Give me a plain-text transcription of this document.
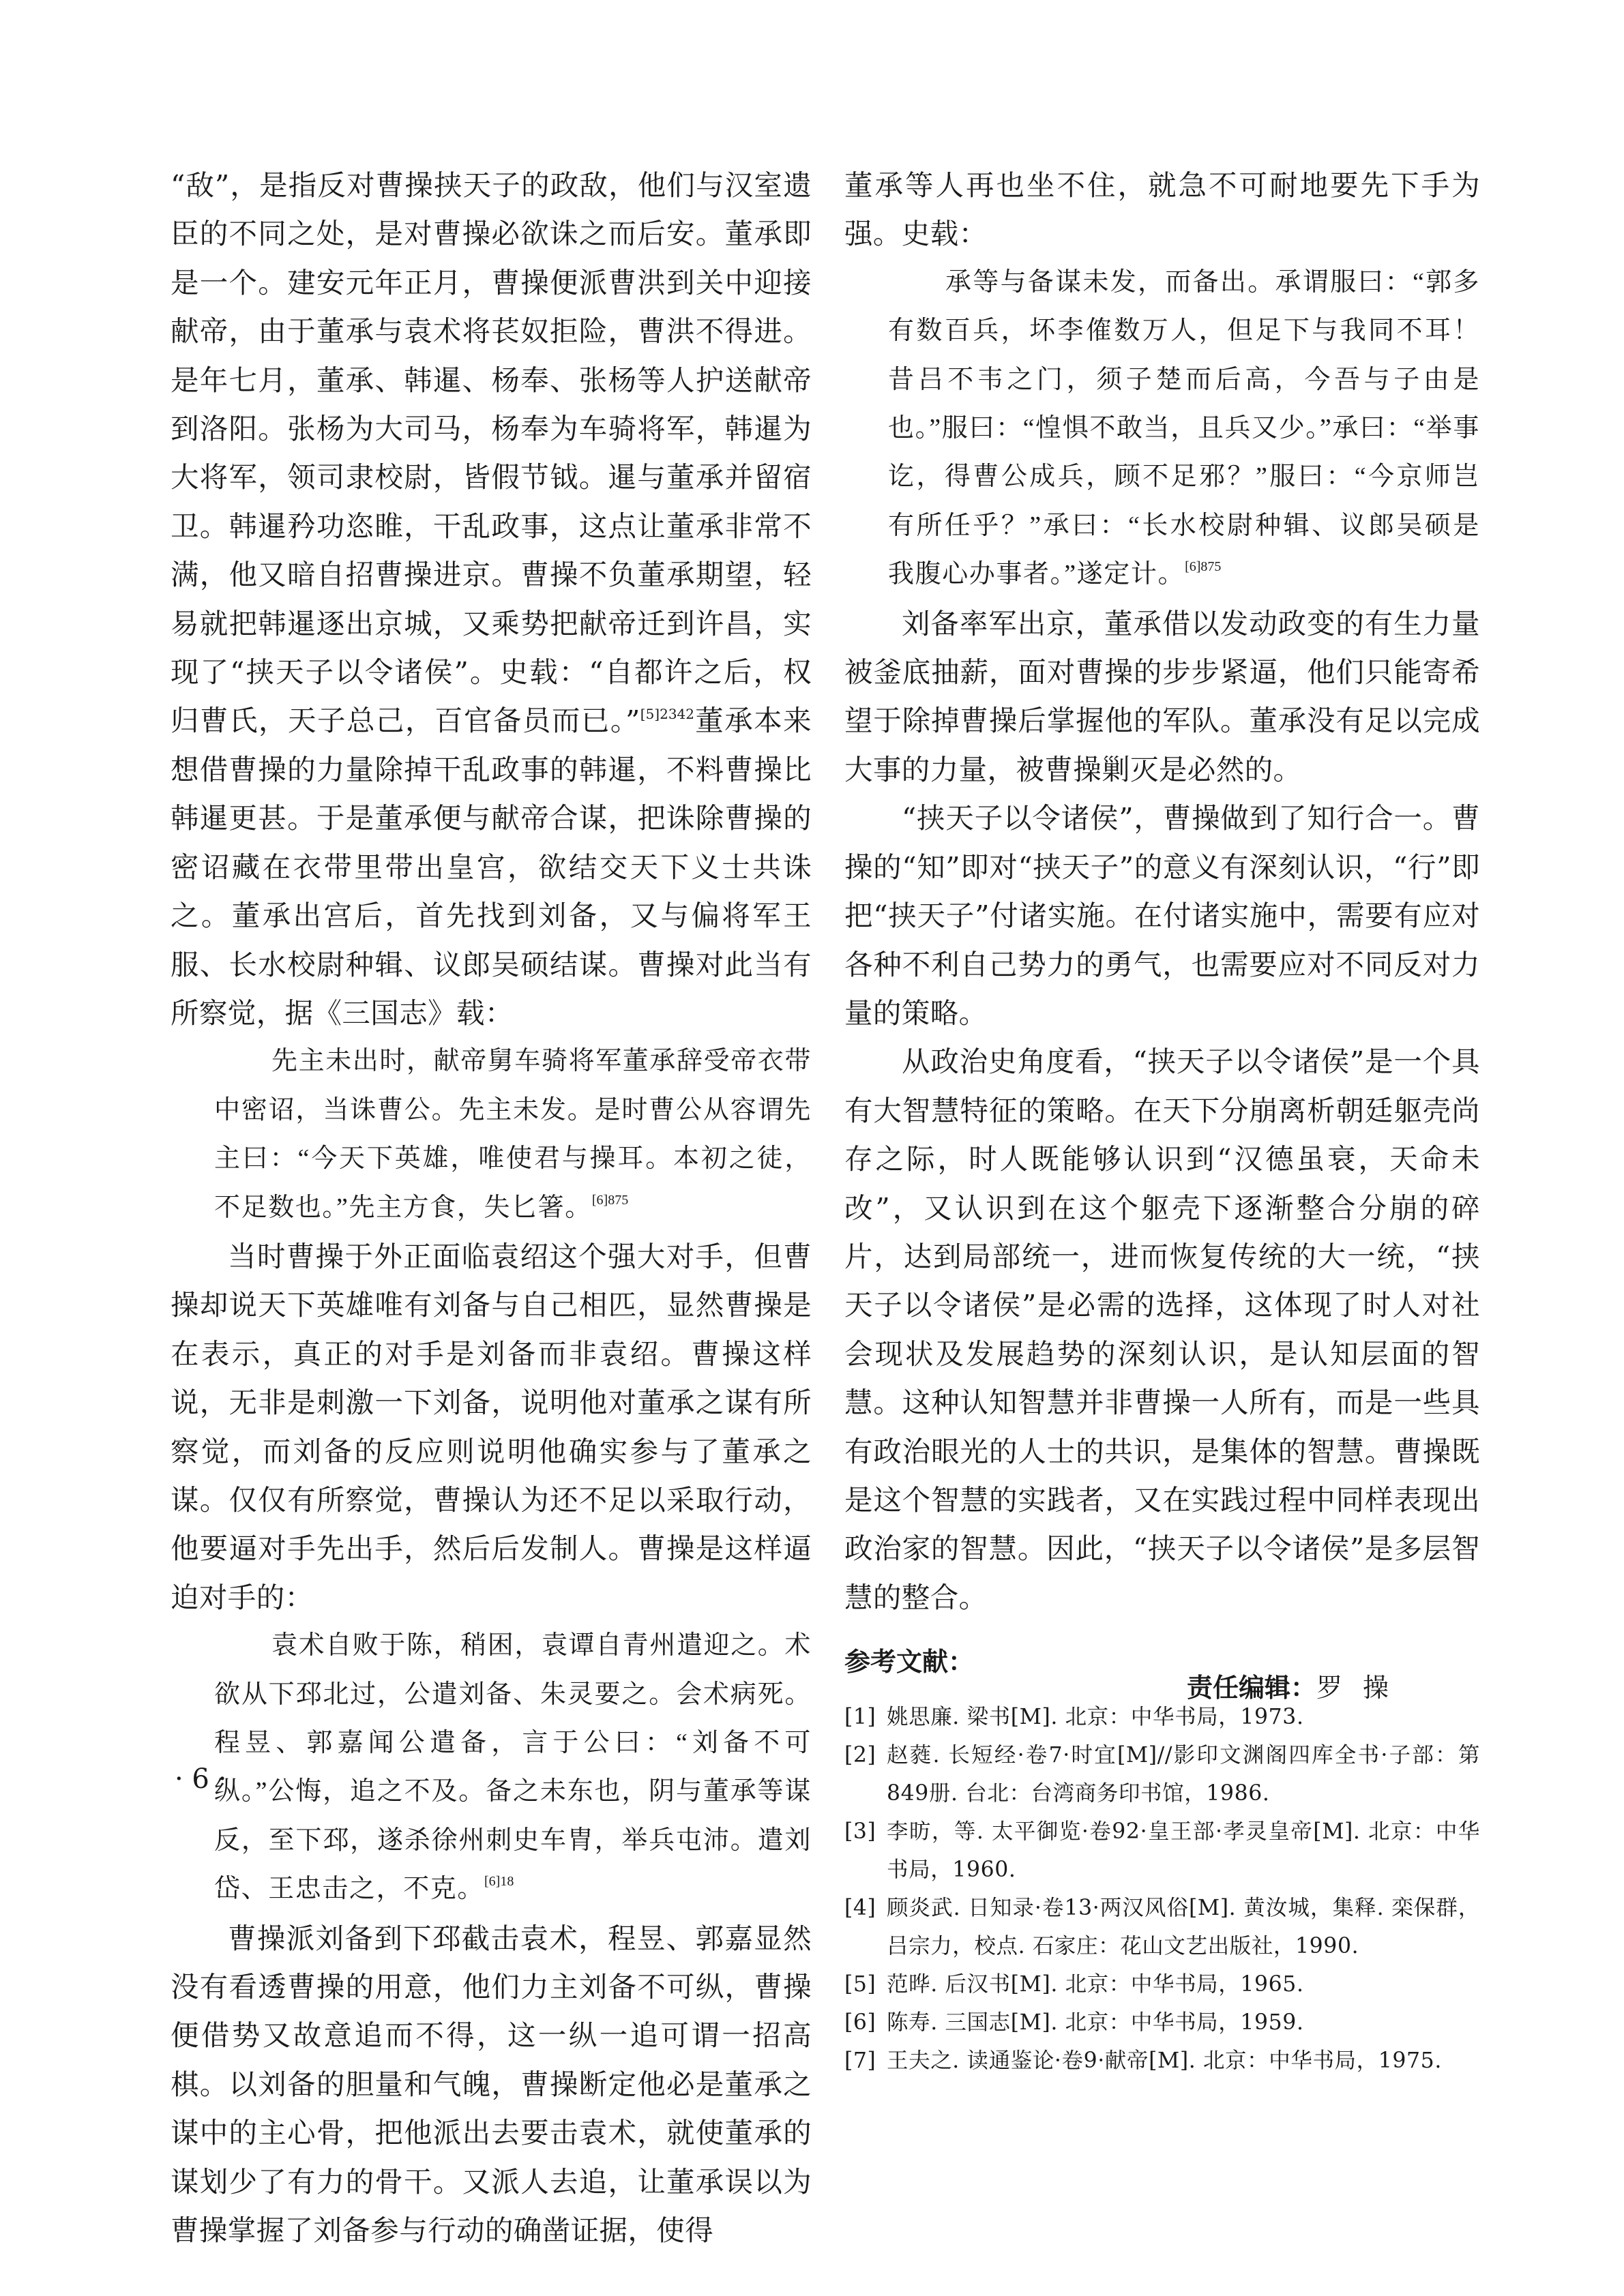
“敌”，是指反对曹操挟天子的政敌，他们与汉室遗臣的不同之处，是对曹操必欲诛之而后安。董承即是一个。建安元年正月，曹操便派曹洪到关中迎接献帝，由于董承与袁术将苌奴拒险，曹洪不得进。是年七月，董承、韩暹、杨奉、张杨等人护送献帝到洛阳。张杨为大司马，杨奉为车骑将军，韩暹为大将军，领司隶校尉，皆假节钺。暹与董承并留宿卫。韩暹矜功恣睢，干乱政事，这点让董承非常不满，他又暗自招曹操进京。曹操不负董承期望，轻易就把韩暹逐出京城，又乘势把献帝迁到许昌，实现了“挟天子以令诸侯”。史载：“自都许之后，权归曹氏，天子总己，百官备员而已。”$^{[5]2342}$董承本来想借曹操的力量除掉干乱政事的韩暹，不料曹操比韩暹更甚。于是董承便与献帝合谋，把诛除曹操的密诏藏在衣带里带出皇宫，欲结交天下义士共诛之。董承出宫后，首先找到刘备，又与偏将军王服、长水校尉种辑、议郎吴硕结谋。曹操对此当有所察觉，据《三国志》载：

先主未出时，献帝舅车骑将军董承辞受帝衣带中密诏，当诛曹公。先主未发。是时曹公从容谓先主曰：“今天下英雄，唯使君与操耳。本初之徒，不足数也。”先主方食，失匕箸。$^{[6]875}$

当时曹操于外正面临袁绍这个强大对手，但曹操却说天下英雄唯有刘备与自己相匹，显然曹操是在表示，真正的对手是刘备而非袁绍。曹操这样说，无非是刺激一下刘备，说明他对董承之谋有所察觉，而刘备的反应则说明他确实参与了董承之谋。仅仅有所察觉，曹操认为还不足以采取行动，他要逼对手先出手，然后后发制人。曹操是这样逼迫对手的：

袁术自败于陈，稍困，袁谭自青州遣迎之。术欲从下邳北过，公遣刘备、朱灵要之。会术病死。程昱、郭嘉闻公遣备，言于公曰：“刘备不可纵。”公悔，追之不及。备之未东也，阴与董承等谋反，至下邳，遂杀徐州刺史车胄，举兵屯沛。遣刘岱、王忠击之，不克。$^{[6]18}$

曹操派刘备到下邳截击袁术，程昱、郭嘉显然没有看透曹操的用意，他们力主刘备不可纵，曹操便借势又故意追而不得，这一纵一追可谓一招高棋。以刘备的胆量和气魄，曹操断定他必是董承之谋中的主心骨，把他派出去要击袁术，就使董承的谋划少了有力的骨干。又派人去追，让董承误以为曹操掌握了刘备参与行动的确凿证据，使得

董承等人再也坐不住，就急不可耐地要先下手为强。史载：

承等与备谋未发，而备出。承谓服曰：“郭多有数百兵，坏李傕数万人，但足下与我同不耳！昔吕不韦之门，须子楚而后高，今吾与子由是也。”服曰：“惶惧不敢当，且兵又少。”承曰：“举事讫，得曹公成兵，顾不足邪？”服曰：“今京师岂有所任乎？”承曰：“长水校尉种辑、议郎吴硕是我腹心办事者。”遂定计。$^{[6]875}$

刘备率军出京，董承借以发动政变的有生力量被釜底抽薪，面对曹操的步步紧逼，他们只能寄希望于除掉曹操后掌握他的军队。董承没有足以完成大事的力量，被曹操剿灭是必然的。

“挟天子以令诸侯”，曹操做到了知行合一。曹操的“知”即对“挟天子”的意义有深刻认识，“行”即把“挟天子”付诸实施。在付诸实施中，需要有应对各种不利自己势力的勇气，也需要应对不同反对力量的策略。

从政治史角度看，“挟天子以令诸侯”是一个具有大智慧特征的策略。在天下分崩离析朝廷躯壳尚存之际，时人既能够认识到“汉德虽衰，天命未改”，又认识到在这个躯壳下逐渐整合分崩的碎片，达到局部统一，进而恢复传统的大一统，“挟天子以令诸侯”是必需的选择，这体现了时人对社会现状及发展趋势的深刻认识，是认知层面的智慧。这种认知智慧并非曹操一人所有，而是一些具有政治眼光的人士的共识，是集体的智慧。曹操既是这个智慧的实践者，又在实践过程中同样表现出政治家的智慧。因此，“挟天子以令诸侯”是多层智慧的整合。

参考文献：
[1] 姚思廉. 梁书[M]. 北京：中华书局，1973.
[2] 赵蕤. 长短经·卷7·时宜[M]//影印文渊阁四库全书·子部：第849册. 台北：台湾商务印书馆，1986.
[3] 李昉，等. 太平御览·卷92·皇王部·孝灵皇帝[M]. 北京：中华书局，1960.
[4] 顾炎武. 日知录·卷13·两汉风俗[M]. 黄汝城，集释. 栾保群，吕宗力，校点. 石家庄：花山文艺出版社，1990.
[5] 范晔. 后汉书[M]. 北京：中华书局，1965.
[6] 陈寿. 三国志[M]. 北京：中华书局，1959.
[7] 王夫之. 读通鉴论·卷9·献帝[M]. 北京：中华书局，1975.
责任编辑：罗操
· 6 ·
